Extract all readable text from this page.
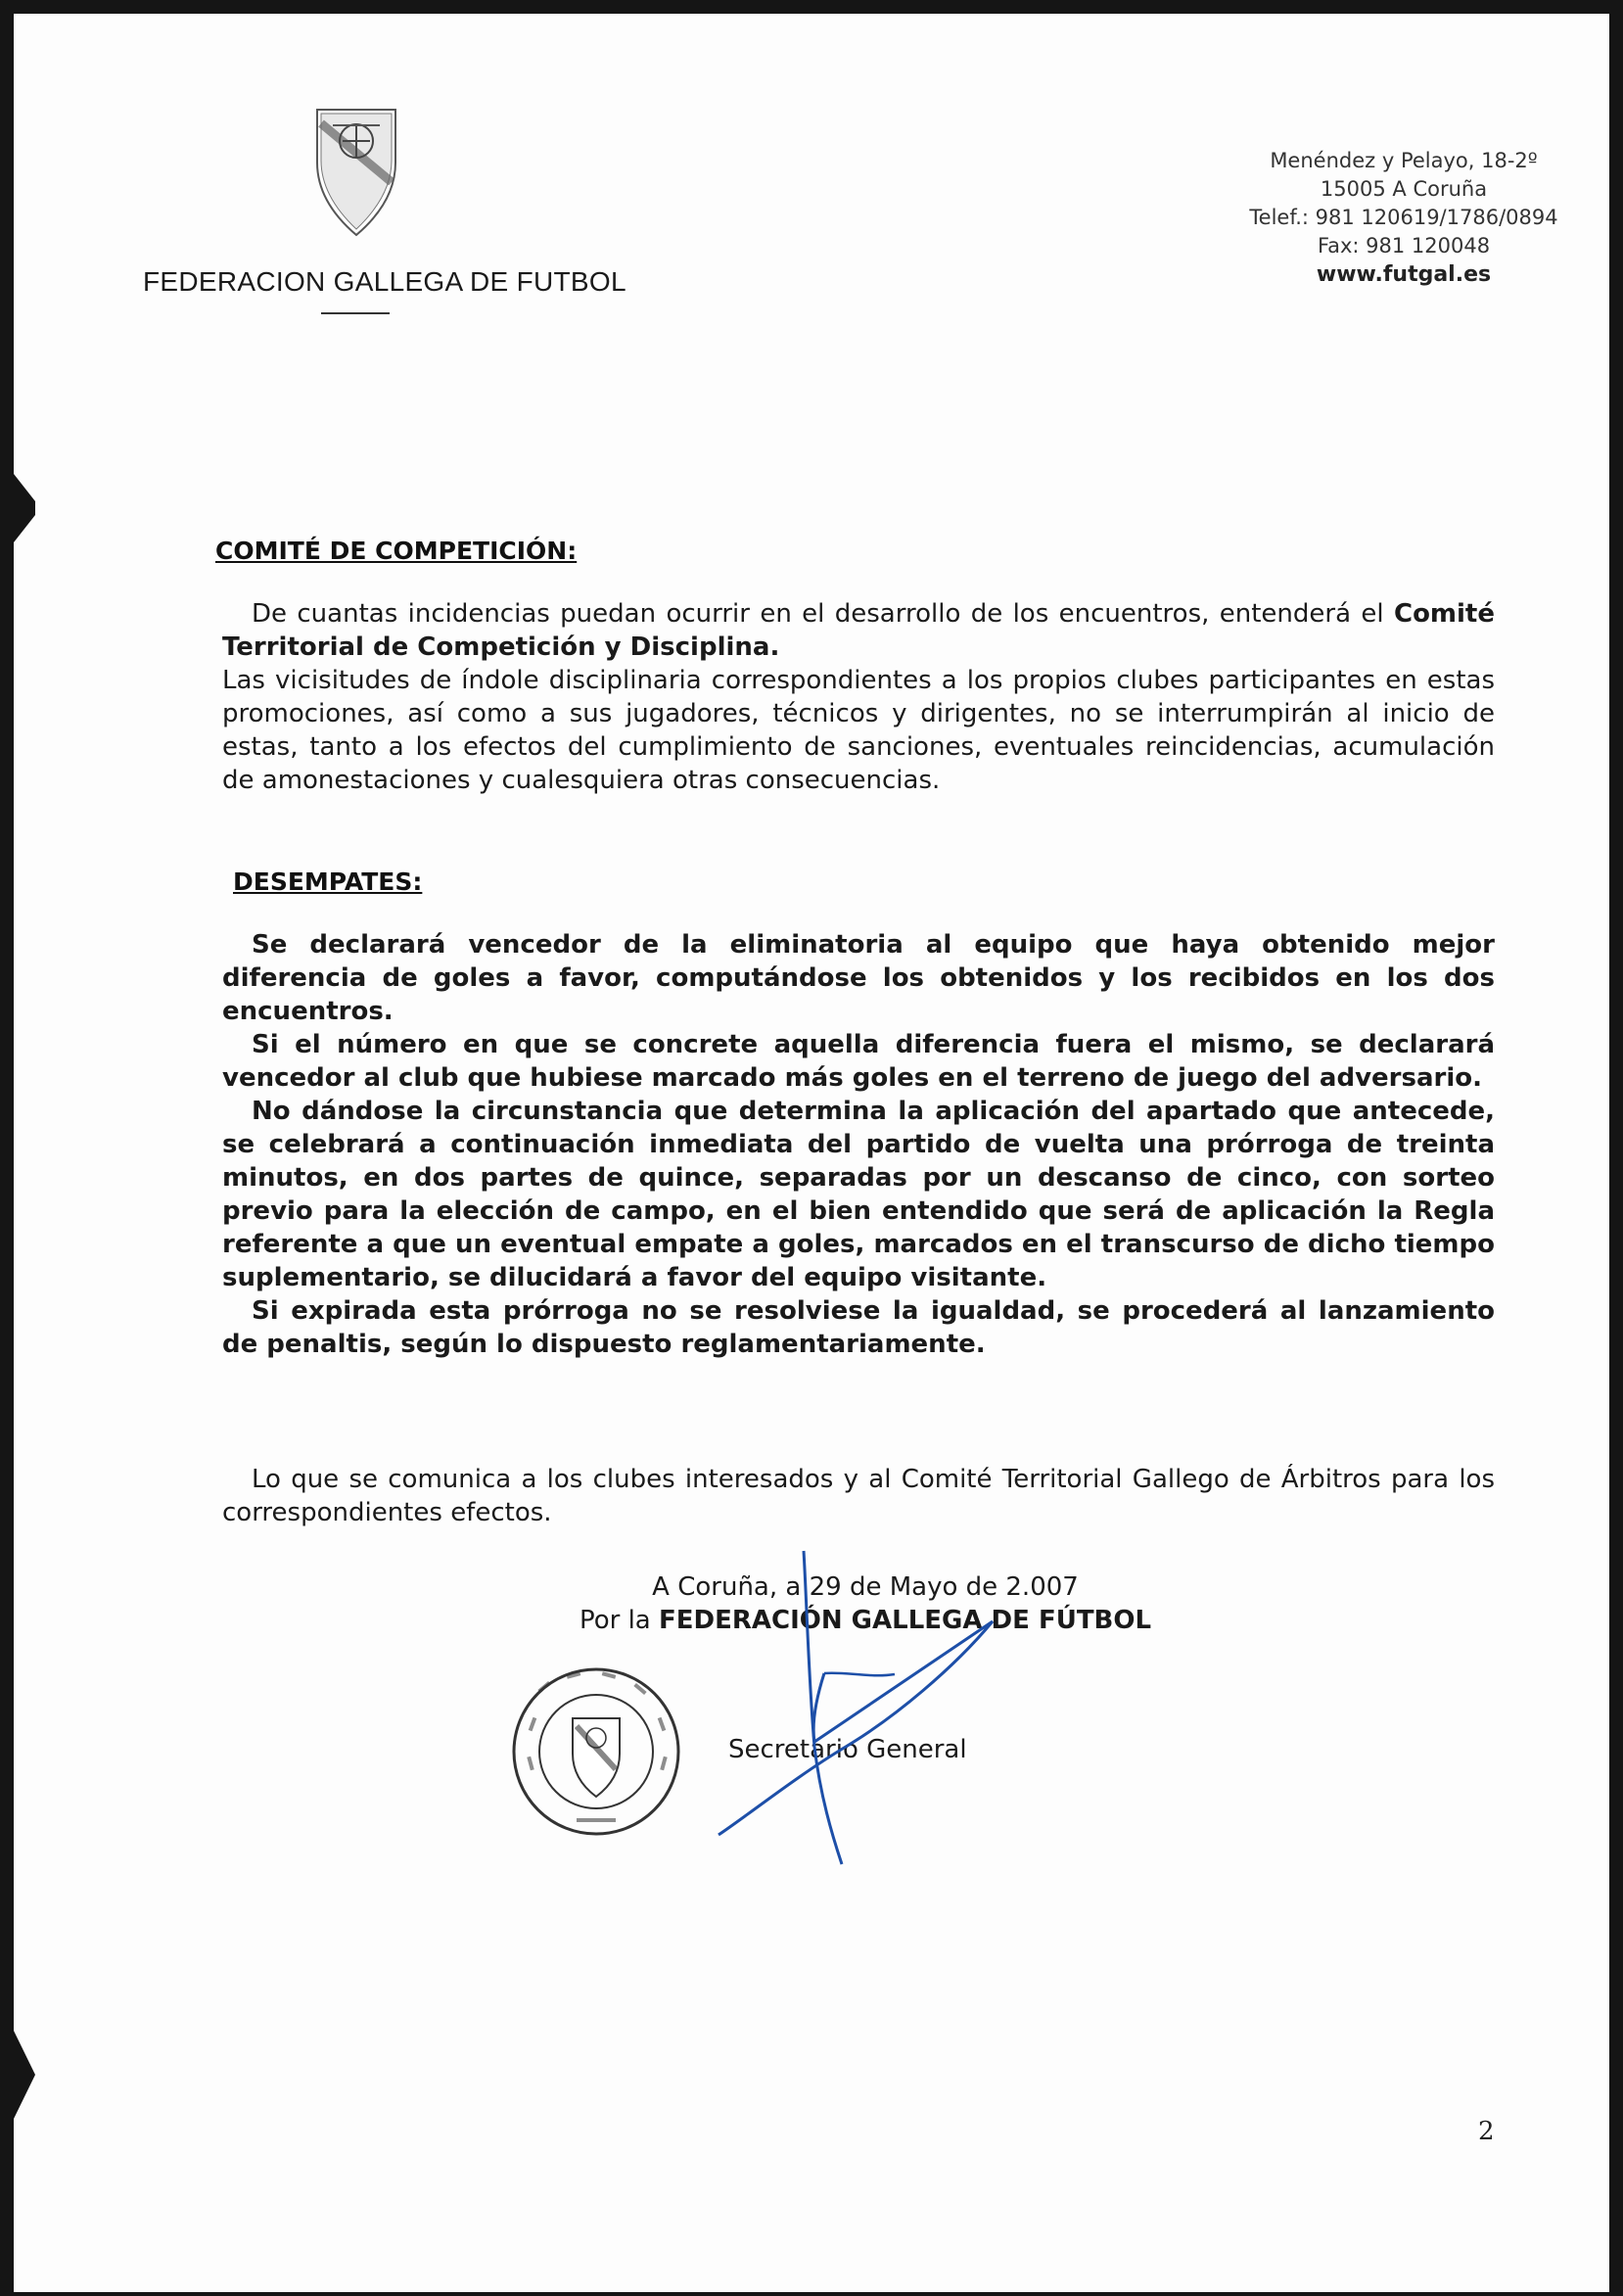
FEDERACION GALLEGA DE FUTBOL
Menéndez y Pelayo, 18-2º
15005 A Coruña
Telef.: 981 120619/1786/0894
Fax: 981 120048
www.futgal.es
COMITÉ DE COMPETICIÓN:

De cuantas incidencias puedan ocurrir en el desarrollo de los encuentros, entenderá el Comité Territorial de Competición y Disciplina.

Las vicisitudes de índole disciplinaria correspondientes a los propios clubes participantes en estas promociones, así como a sus jugadores, técnicos y dirigentes, no se interrumpirán al inicio de estas, tanto a los efectos del cumplimiento de sanciones, eventuales reincidencias, acumulación de amonestaciones y cualesquiera otras consecuencias.

DESEMPATES:

Se declarará vencedor de la eliminatoria al equipo que haya obtenido mejor diferencia de goles a favor, computándose los obtenidos y los recibidos en los dos encuentros.

Si el número en que se concrete aquella diferencia fuera el mismo, se declarará vencedor al club que hubiese marcado más goles en el terreno de juego del adversario.

No dándose la circunstancia que determina la aplicación del apartado que antecede, se celebrará a continuación inmediata del partido de vuelta una prórroga de treinta minutos, en dos partes de quince, separadas por un descanso de cinco, con sorteo previo para la elección de campo, en el bien entendido que será de aplicación la Regla referente a que un eventual empate a goles, marcados en el transcurso de dicho tiempo suplementario, se dilucidará a favor del equipo visitante.

Si expirada esta prórroga no se resolviese la igualdad, se procederá al lanzamiento de penaltis, según lo dispuesto reglamentariamente.

Lo que se comunica a los clubes interesados y al Comité Territorial Gallego de Árbitros para los correspondientes efectos.

A Coruña, a 29 de Mayo de 2.007
Por la FEDERACIÓN GALLEGA DE FÚTBOL
Secretario General
2
